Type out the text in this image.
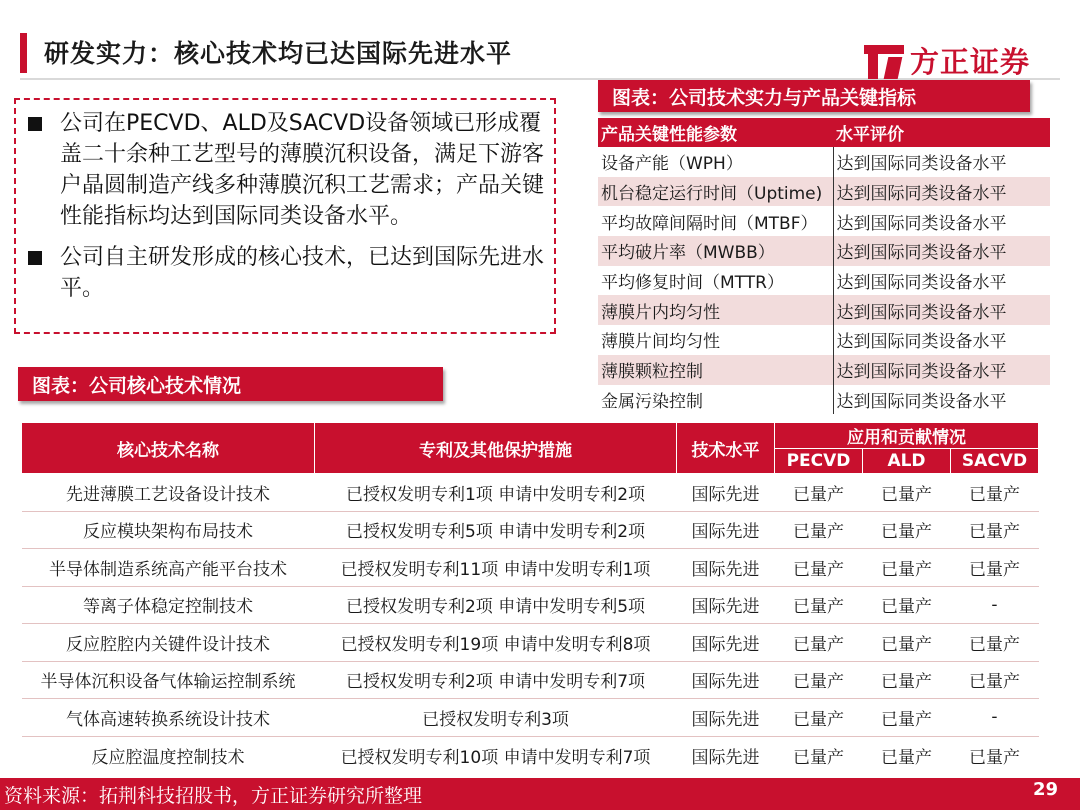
研发实力：核心技术均已达国际先进水平	方正证券
公司在PECVD、ALD及SACVD设备领域已形成覆盖二十余种工艺型号的薄膜沉积设备，满足下游客户晶圆制造产线多种薄膜沉积工艺需求；产品关键性能指标均达到国际同类设备水平。
公司自主研发形成的核心技术，已达到国际先进水平。
图表：公司技术实力与产品关键指标
产品关键性能参数	水平评价
设备产能（WPH）	达到国际同类设备水平
机台稳定运行时间（Uptime)	达到国际同类设备水平
平均故障间隔时间（MTBF）	达到国际同类设备水平
平均破片率（MWBB）	达到国际同类设备水平
平均修复时间（MTTR）	达到国际同类设备水平
薄膜片内均匀性	达到国际同类设备水平
薄膜片间均匀性	达到国际同类设备水平
薄膜颗粒控制	达到国际同类设备水平
金属污染控制	达到国际同类设备水平
图表：公司核心技术情况
核心技术名称	专利及其他保护措施	技术水平	应用和贡献情况		
			PECVD	ALD	SACVD
先进薄膜工艺设备设计技术	已授权发明专利1项 申请中发明专利2项	国际先进	已量产	已量产	已量产
反应模块架构布局技术	已授权发明专利5项 申请中发明专利2项	国际先进	已量产	已量产	已量产
半导体制造系统高产能平台技术	已授权发明专利11项 申请中发明专利1项	国际先进	已量产	已量产	已量产
等离子体稳定控制技术	已授权发明专利2项 申请中发明专利5项	国际先进	已量产	已量产	-
反应腔腔内关键件设计技术	已授权发明专利19项 申请中发明专利8项	国际先进	已量产	已量产	已量产
半导体沉积设备气体输运控制系统	已授权发明专利2项 申请中发明专利7项	国际先进	已量产	已量产	已量产
气体高速转换系统设计技术	已授权发明专利3项	国际先进	已量产	已量产	-
反应腔温度控制技术	已授权发明专利10项 申请中发明专利7项	国际先进	已量产	已量产	已量产
资料来源：拓荆科技招股书，方正证券研究所整理	29
